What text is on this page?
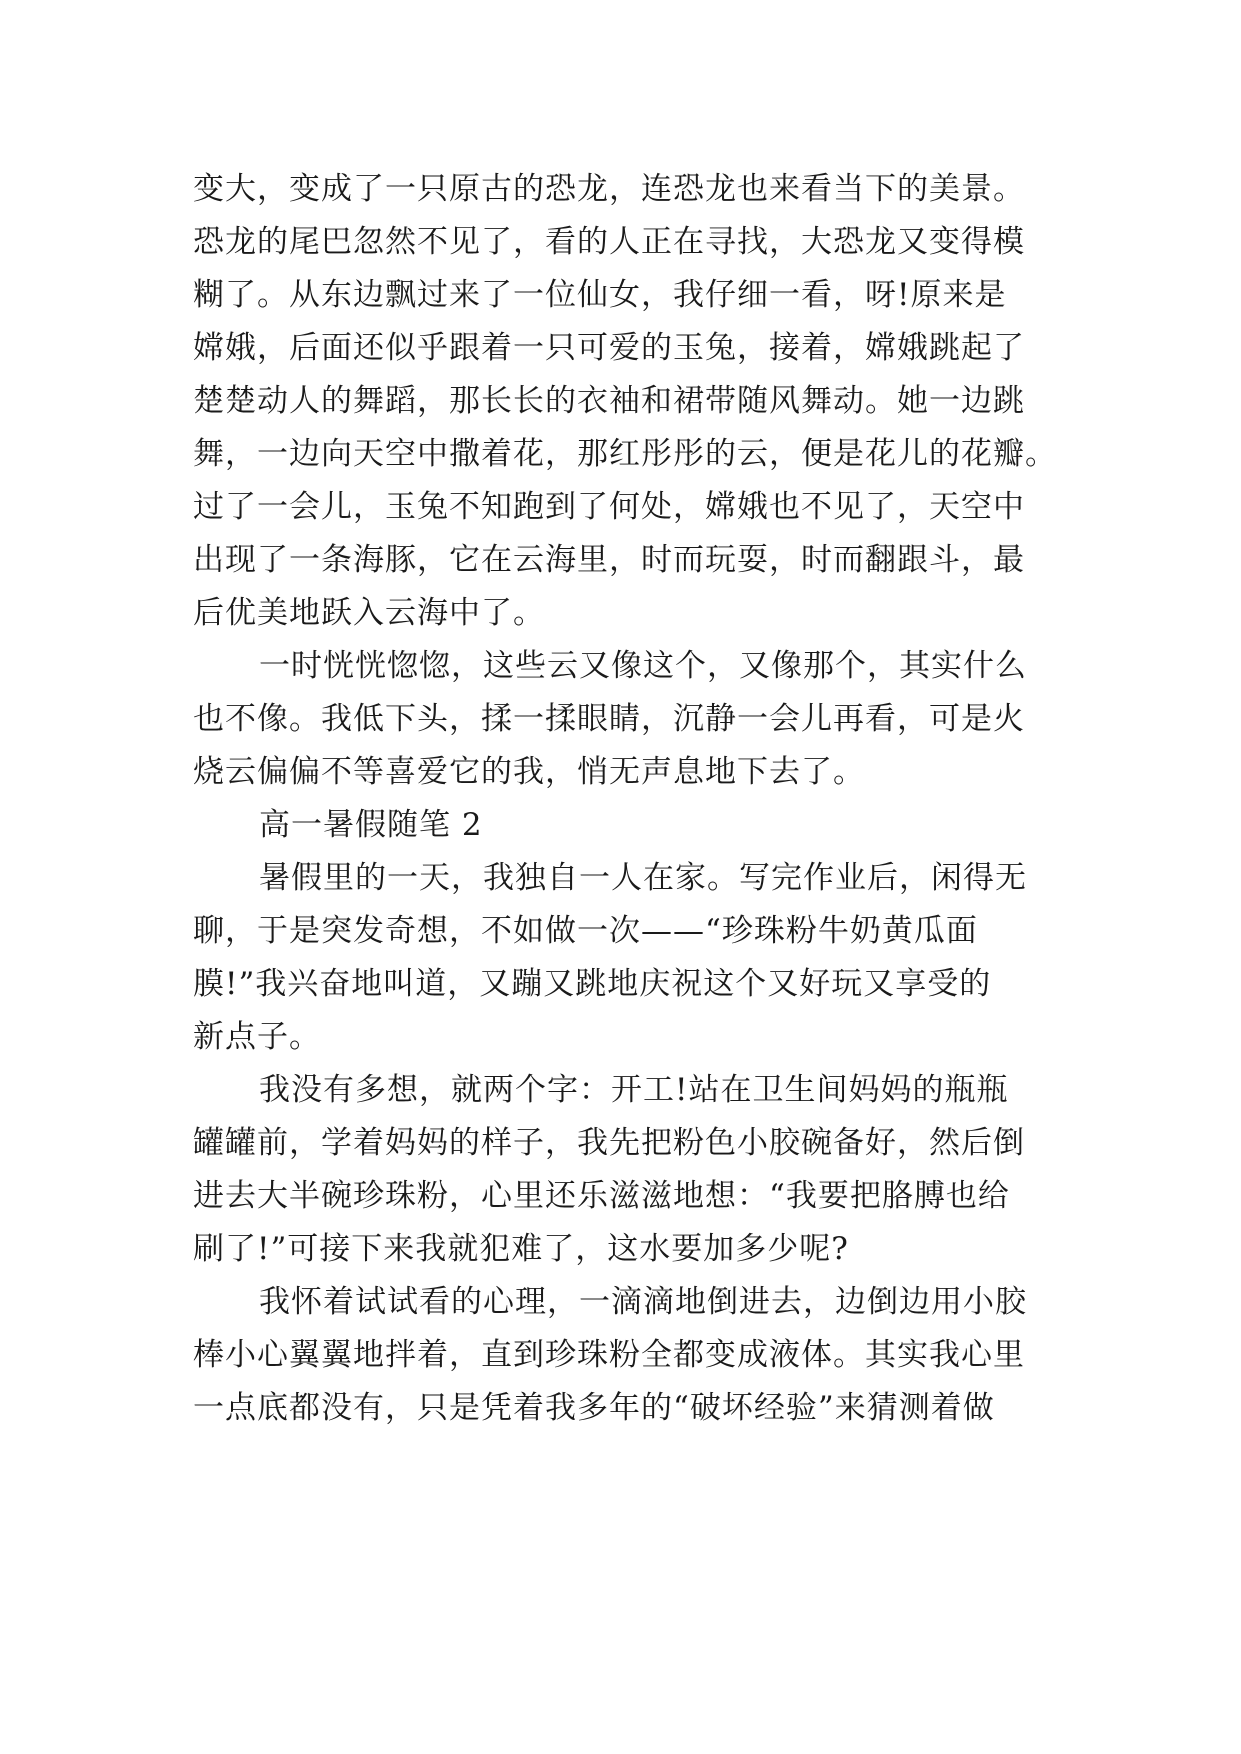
变大，变成了一只原古的恐龙，连恐龙也来看当下的美景。
恐龙的尾巴忽然不见了，看的人正在寻找，大恐龙又变得模
糊了。从东边飘过来了一位仙女，我仔细一看，呀!原来是
嫦娥，后面还似乎跟着一只可爱的玉兔，接着，嫦娥跳起了
楚楚动人的舞蹈，那长长的衣袖和裙带随风舞动。她一边跳
舞，一边向天空中撒着花，那红彤彤的云，便是花儿的花瓣。
过了一会儿，玉兔不知跑到了何处，嫦娥也不见了，天空中
出现了一条海豚，它在云海里，时而玩耍，时而翻跟斗，最
后优美地跃入云海中了。
一时恍恍惚惚，这些云又像这个，又像那个，其实什么
也不像。我低下头，揉一揉眼睛，沉静一会儿再看，可是火
烧云偏偏不等喜爱它的我，悄无声息地下去了。
高一暑假随笔 2
暑假里的一天，我独自一人在家。写完作业后，闲得无
聊，于是突发奇想，不如做一次——“珍珠粉牛奶黄瓜面
膜!”我兴奋地叫道，又蹦又跳地庆祝这个又好玩又享受的
新点子。
我没有多想，就两个字：开工!站在卫生间妈妈的瓶瓶
罐罐前，学着妈妈的样子，我先把粉色小胶碗备好，然后倒
进去大半碗珍珠粉，心里还乐滋滋地想：“我要把胳膊也给
刷了!”可接下来我就犯难了，这水要加多少呢?
我怀着试试看的心理，一滴滴地倒进去，边倒边用小胶
棒小心翼翼地拌着，直到珍珠粉全都变成液体。其实我心里
一点底都没有，只是凭着我多年的“破坏经验”来猜测着做
